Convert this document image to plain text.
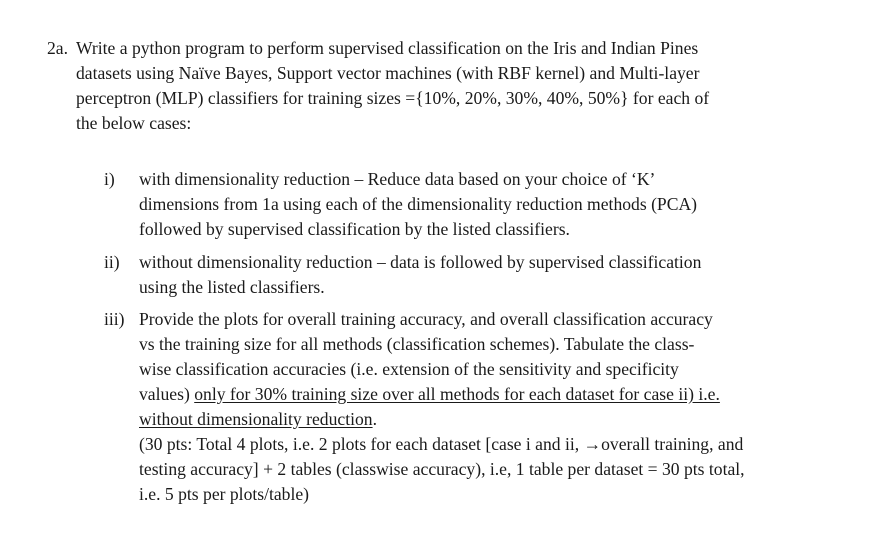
2a. Write a python program to perform supervised classification on the Iris and Indian Pines
datasets using Naïve Bayes, Support vector machines (with RBF kernel) and Multi-layer
perceptron (MLP) classifiers for training sizes ={10%, 20%, 30%, 40%, 50%} for each of
the below cases:
i) with dimensionality reduction – Reduce data based on your choice of ‘K’
dimensions from 1a using each of the dimensionality reduction methods (PCA)
followed by supervised classification by the listed classifiers.
ii) without dimensionality reduction – data is followed by supervised classification
using the listed classifiers.
iii) Provide the plots for overall training accuracy, and overall classification accuracy
vs the training size for all methods (classification schemes). Tabulate the class-
wise classification accuracies (i.e. extension of the sensitivity and specificity
values) only for 30% training size over all methods for each dataset for case ii) i.e.
without dimensionality reduction.
(30 pts: Total 4 plots, i.e. 2 plots for each dataset [case i and ii, →overall training, and
testing accuracy] + 2 tables (classwise accuracy), i.e, 1 table per dataset = 30 pts total,
i.e. 5 pts per plots/table)
